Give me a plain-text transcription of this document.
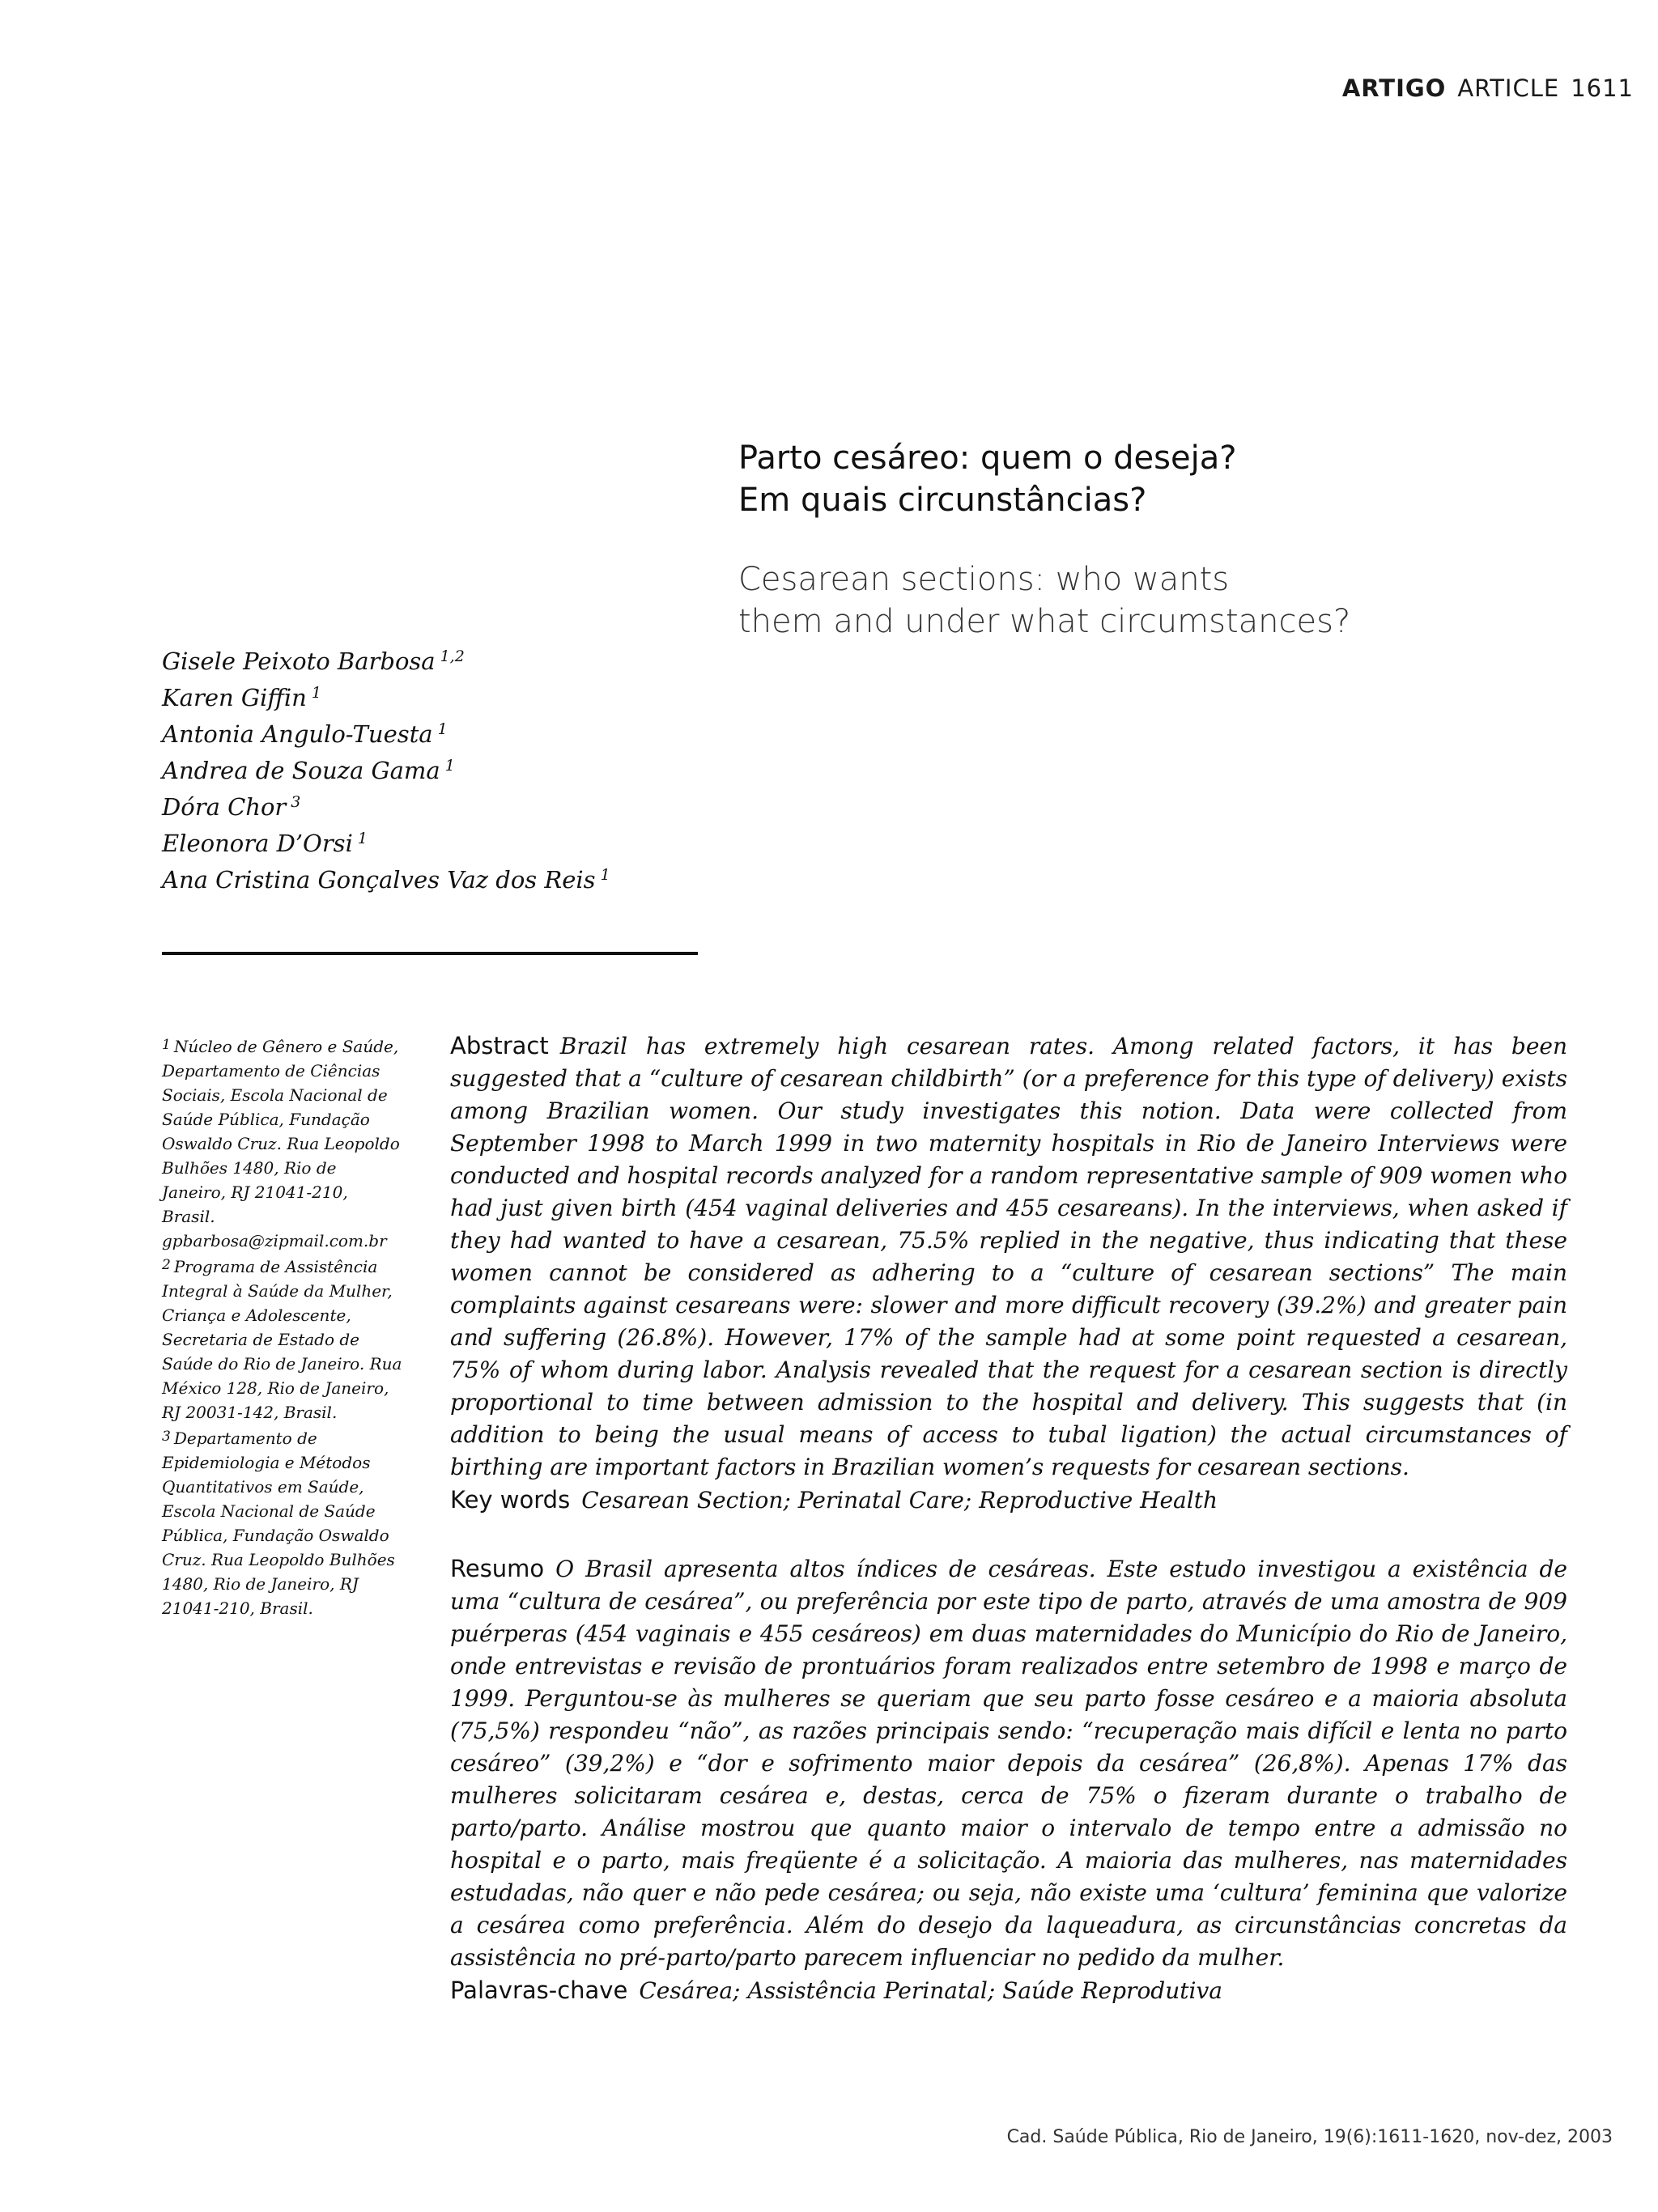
ARTIGO ARTICLE 1611
Parto cesáreo: quem o deseja?
Em quais circunstâncias?
Cesarean sections: who wants
them and under what circumstances?
Gisele Peixoto Barbosa $^{1,2}$
Karen Giffin $^1$
Antonia Angulo-Tuesta $^1$
Andrea de Souza Gama $^1$
Dóra Chor $^3$
Eleonora D’Orsi $^1$
Ana Cristina Gonçalves Vaz dos Reis $^1$

$^1$ Núcleo de Gênero e Saúde, Departamento de Ciências Sociais, Escola Nacional de Saúde Pública, Fundação Oswaldo Cruz. Rua Leopoldo Bulhões 1480, Rio de Janeiro, RJ 21041-210, Brasil. gpbarbosa@zipmail.com.br

$^2$ Programa de Assistência Integral à Saúde da Mulher, Criança e Adolescente, Secretaria de Estado de Saúde do Rio de Janeiro. Rua México 128, Rio de Janeiro, RJ 20031-142, Brasil.

$^3$ Departamento de Epidemiologia e Métodos Quantitativos em Saúde, Escola Nacional de Saúde Pública, Fundação Oswaldo Cruz. Rua Leopoldo Bulhões 1480, Rio de Janeiro, RJ 21041-210, Brasil.

Abstract Brazil has extremely high cesarean rates. Among related factors, it has been suggested that a “culture of cesarean childbirth” (or a preference for this type of delivery) exists among Brazilian women. Our study investigates this notion. Data were collected from September 1998 to March 1999 in two maternity hospitals in Rio de Janeiro Interviews were conducted and hospital records analyzed for a random representative sample of 909 women who had just given birth (454 vaginal deliveries and 455 cesareans). In the interviews, when asked if they had wanted to have a cesarean, 75.5% replied in the negative, thus indicating that these women cannot be considered as adhering to a “culture of cesarean sections” The main complaints against cesareans were: slower and more difficult recovery (39.2%) and greater pain and suffering (26.8%). However, 17% of the sample had at some point requested a cesarean, 75% of whom during labor. Analysis revealed that the request for a cesarean section is directly proportional to time between admission to the hospital and delivery. This suggests that (in addition to being the usual means of access to tubal ligation) the actual circumstances of birthing are important factors in Brazilian women’s requests for cesarean sections.

Key words Cesarean Section; Perinatal Care; Reproductive Health

Resumo O Brasil apresenta altos índices de cesáreas. Este estudo investigou a existência de uma “cultura de cesárea”, ou preferência por este tipo de parto, através de uma amostra de 909 puérperas (454 vaginais e 455 cesáreos) em duas maternidades do Município do Rio de Janeiro, onde entrevistas e revisão de prontuários foram realizados entre setembro de 1998 e março de 1999. Perguntou-se às mulheres se queriam que seu parto fosse cesáreo e a maioria absoluta (75,5%) respondeu “não”, as razões principais sendo: “recuperação mais difícil e lenta no parto cesáreo” (39,2%) e “dor e sofrimento maior depois da cesárea” (26,8%). Apenas 17% das mulheres solicitaram cesárea e, destas, cerca de 75% o fizeram durante o trabalho de parto/parto. Análise mostrou que quanto maior o intervalo de tempo entre a admissão no hospital e o parto, mais freqüente é a solicitação. A maioria das mulheres, nas maternidades estudadas, não quer e não pede cesárea; ou seja, não existe uma ‘cultura’ feminina que valorize a cesárea como preferência. Além do desejo da laqueadura, as circunstâncias concretas da assistência no pré-parto/parto parecem influenciar no pedido da mulher.

Palavras-chave Cesárea; Assistência Perinatal; Saúde Reprodutiva

Cad. Saúde Pública, Rio de Janeiro, 19(6):1611-1620, nov-dez, 2003
